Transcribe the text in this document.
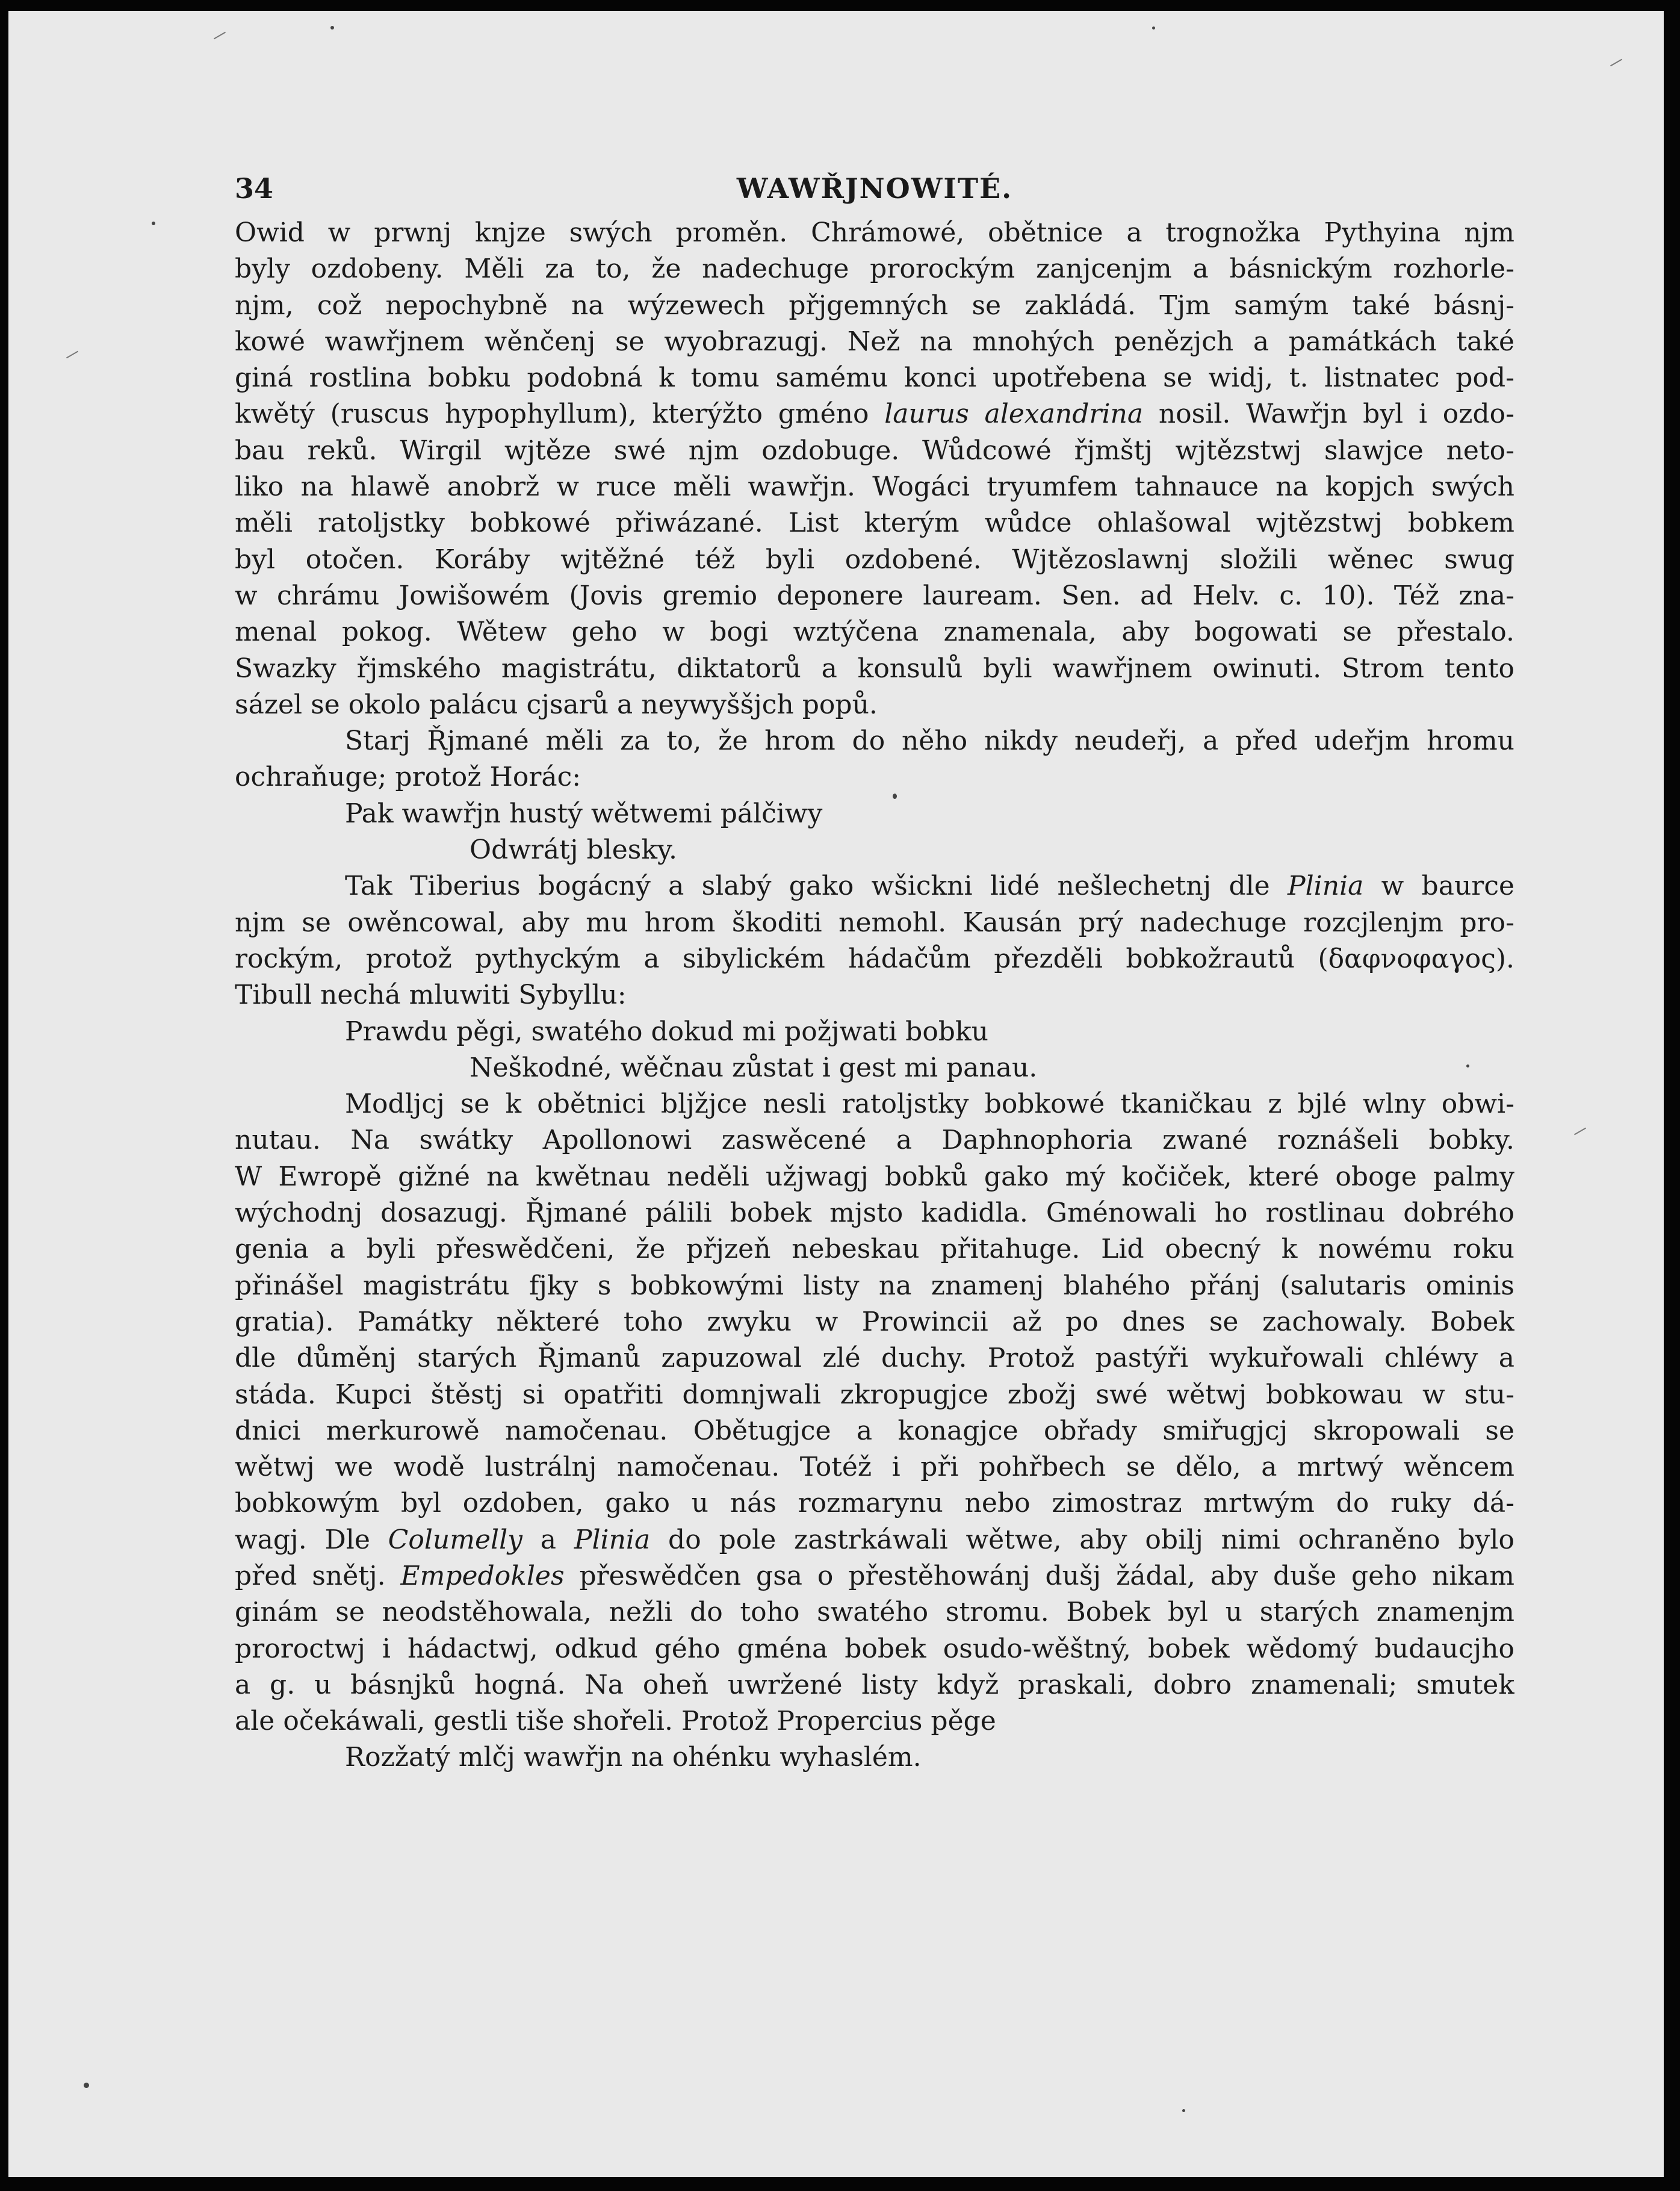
34	WAWŘJNOWITÉ.
Owid w prwnj knjze swých proměn. Chrámowé, obětnice a trognožka Pythyina njm
byly ozdobeny. Měli za to, že nadechuge prorockým zanjcenjm a básnickým rozhorle-
njm, což nepochybně na wýzewech přjgemných se zakládá. Tjm samým také básnj-
kowé wawřjnem wěnčenj se wyobrazugj. Než na mnohých penězjch a památkách také
giná rostlina bobku podobná k tomu samému konci upotřebena se widj, t. listnatec pod-
kwětý (ruscus hypophyllum), kterýžto gméno laurus alexandrina nosil. Wawřjn byl i ozdo-
bau reků. Wirgil wjtěze swé njm ozdobuge. Wůdcowé řjmštj wjtězstwj slawjce neto-
liko na hlawě anobrž w ruce měli wawřjn. Wogáci tryumfem tahnauce na kopjch swých
měli ratoljstky bobkowé přiwázané. List kterým wůdce ohlašowal wjtězstwj bobkem
byl otočen. Koráby wjtěžné též byli ozdobené. Wjtězoslawnj složili wěnec swug
w chrámu Jowišowém (Jovis gremio deponere lauream. Sen. ad Helv. c. 10). Též zna-
menal pokog. Wětew geho w bogi wztýčena znamenala, aby bogowati se přestalo.
Swazky řjmského magistrátu, diktatorů a konsulů byli wawřjnem owinuti. Strom tento
sázel se okolo palácu cjsarů a neywyššjch popů.
Starj Řjmané měli za to, že hrom do něho nikdy neudeřj, a před udeřjm hromu
ochraňuge; protož Horác:
Pak wawřjn hustý wětwemi pálčiwy
Odwrátj blesky.
Tak Tiberius bogácný a slabý gako wšickni lidé nešlechetnj dle Plinia w baurce
njm se owěncowal, aby mu hrom škoditi nemohl. Kausán prý nadechuge rozcjlenjm pro-
rockým, protož pythyckým a sibylickém hádačům přezděli bobkožrautů (δαφνοφαγος).
Tibull nechá mluwiti Sybyllu:
Prawdu pěgi, swatého dokud mi požjwati bobku
Neškodné, wěčnau zůstat i gest mi panau.
Modljcj se k obětnici bljžjce nesli ratoljstky bobkowé tkaničkau z bjlé wlny obwi-
nutau. Na swátky Apollonowi zaswěcené a Daphnophoria zwané roznášeli bobky.
W Ewropě gižné na kwětnau neděli užjwagj bobků gako mý kočiček, které oboge palmy
wýchodnj dosazugj. Řjmané pálili bobek mjsto kadidla. Gménowali ho rostlinau dobrého
genia a byli přeswědčeni, že přjzeň nebeskau přitahuge. Lid obecný k nowému roku
přinášel magistrátu fjky s bobkowými listy na znamenj blahého přánj (salutaris ominis
gratia). Památky některé toho zwyku w Prowincii až po dnes se zachowaly. Bobek
dle důměnj starých Řjmanů zapuzowal zlé duchy. Protož pastýři wykuřowali chléwy a
stáda. Kupci štěstj si opatřiti domnjwali zkropugjce zbožj swé wětwj bobkowau w stu-
dnici merkurowě namočenau. Obětugjce a konagjce obřady smiřugjcj skropowali se
wětwj we wodě lustrálnj namočenau. Totéž i při pohřbech se dělo, a mrtwý wěncem
bobkowým byl ozdoben, gako u nás rozmarynu nebo zimostraz mrtwým do ruky dá-
wagj. Dle Columelly a Plinia do pole zastrkáwali wětwe, aby obilj nimi ochraněno bylo
před snětj. Empedokles přeswědčen gsa o přestěhowánj dušj žádal, aby duše geho nikam
ginám se neodstěhowala, nežli do toho swatého stromu. Bobek byl u starých znamenjm
proroctwj i hádactwj, odkud gého gména bobek osudo-wěštný, bobek wědomý budaucjho
a g. u básnjků hogná. Na oheň uwržené listy když praskali, dobro znamenali; smutek
ale očekáwali, gestli tiše shořeli. Protož Propercius pěge
Rozžatý mlčj wawřjn na ohénku wyhaslém.
